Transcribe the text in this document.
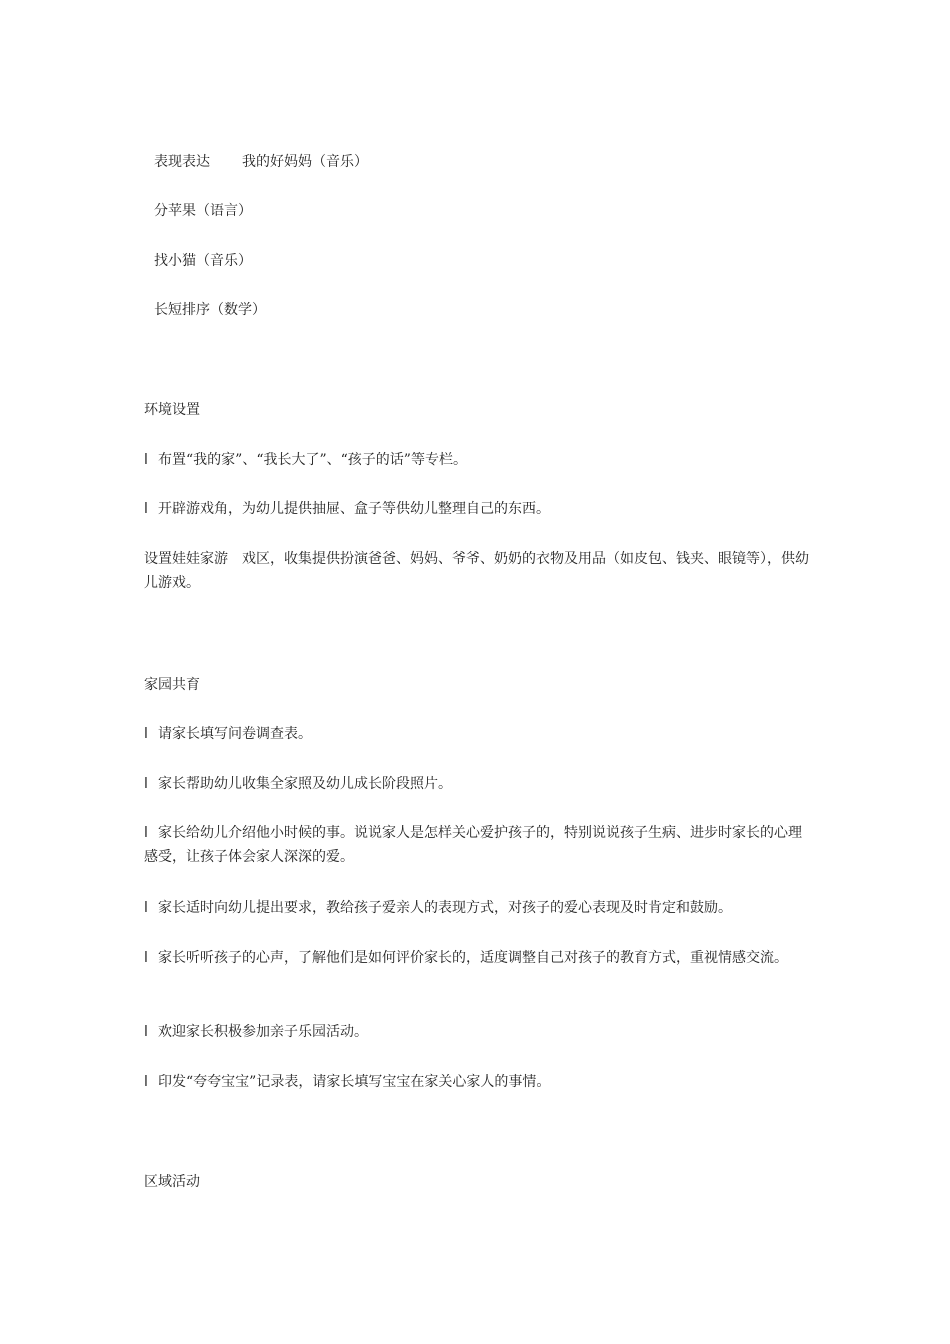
表现表达 我的好妈妈（音乐）
分苹果（语言）
找小猫（音乐）
长短排序（数学）
环境设置
l 布置“我的家”、“我长大了”、“孩子的话”等专栏。
l 开辟游戏角，为幼儿提供抽屉、盒子等供幼儿整理自己的东西。
设置娃娃家游　戏区，收集提供扮演爸爸、妈妈、爷爷、奶奶的衣物及用品（如皮包、钱夹、眼镜等），供幼儿游戏。
家园共育
l 请家长填写问卷调查表。
l 家长帮助幼儿收集全家照及幼儿成长阶段照片。
l 家长给幼儿介绍他小时候的事。说说家人是怎样关心爱护孩子的，特别说说孩子生病、进步时家长的心理感受，让孩子体会家人深深的爱。
l 家长适时向幼儿提出要求，教给孩子爱亲人的表现方式，对孩子的爱心表现及时肯定和鼓励。
l 家长听听孩子的心声，了解他们是如何评价家长的，适度调整自己对孩子的教育方式，重视情感交流。
l 欢迎家长积极参加亲子乐园活动。
l 印发“夸夸宝宝”记录表，请家长填写宝宝在家关心家人的事情。
区域活动
